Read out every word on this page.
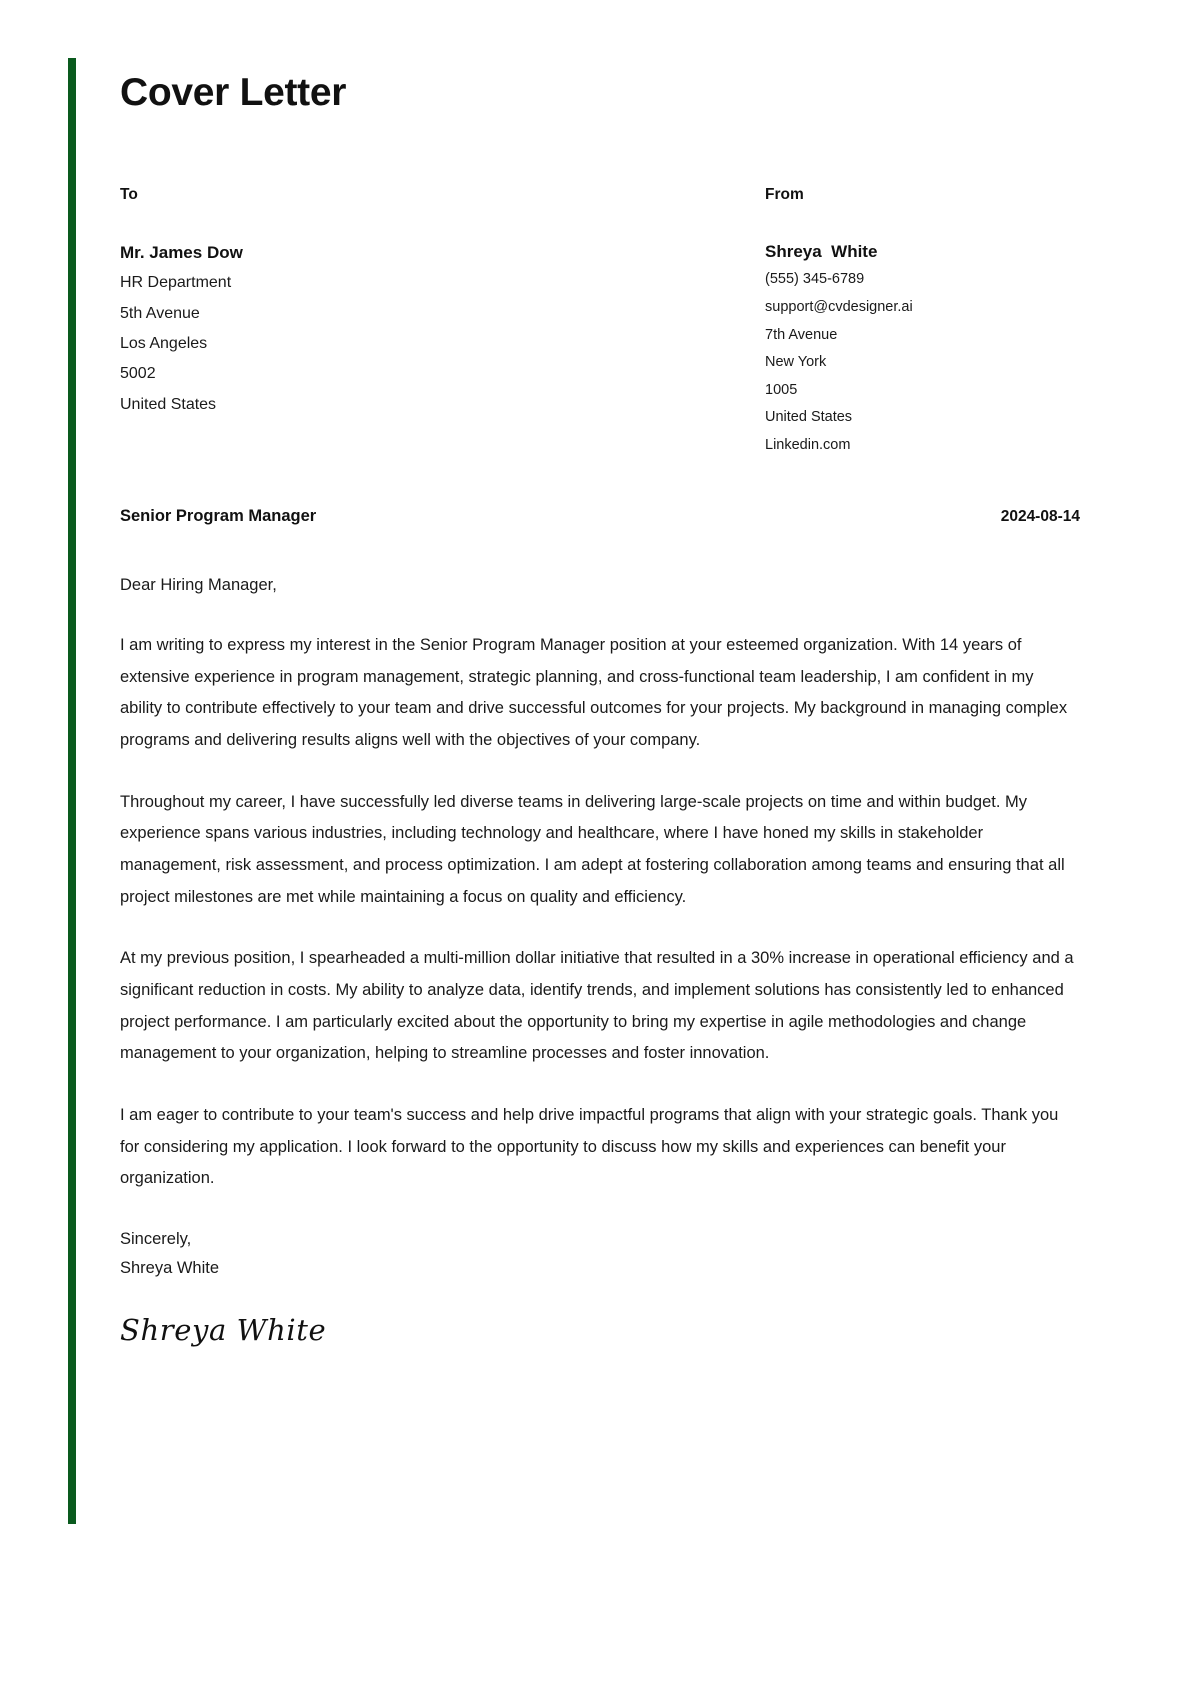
Cover Letter
To
Mr. James Dow
HR Department
5th Avenue
Los Angeles
5002
United States
From
Shreya  White
(555) 345-6789
support@cvdesigner.ai
7th Avenue
New York
1005
United States
Linkedin.com
Senior Program Manager	2024-08-14

Dear Hiring Manager,

I am writing to express my interest in the Senior Program Manager position at your esteemed organization. With 14 years of extensive experience in program management, strategic planning, and cross-functional team leadership, I am confident in my ability to contribute effectively to your team and drive successful outcomes for your projects. My background in managing complex programs and delivering results aligns well with the objectives of your company.

Throughout my career, I have successfully led diverse teams in delivering large-scale projects on time and within budget. My experience spans various industries, including technology and healthcare, where I have honed my skills in stakeholder management, risk assessment, and process optimization. I am adept at fostering collaboration among teams and ensuring that all project milestones are met while maintaining a focus on quality and efficiency.

At my previous position, I spearheaded a multi-million dollar initiative that resulted in a 30% increase in operational efficiency and a significant reduction in costs. My ability to analyze data, identify trends, and implement solutions has consistently led to enhanced project performance. I am particularly excited about the opportunity to bring my expertise in agile methodologies and change management to your organization, helping to streamline processes and foster innovation.

I am eager to contribute to your team's success and help drive impactful programs that align with your strategic goals. Thank you for considering my application. I look forward to the opportunity to discuss how my skills and experiences can benefit your organization.

Sincerely,
Shreya White
Shreya White
